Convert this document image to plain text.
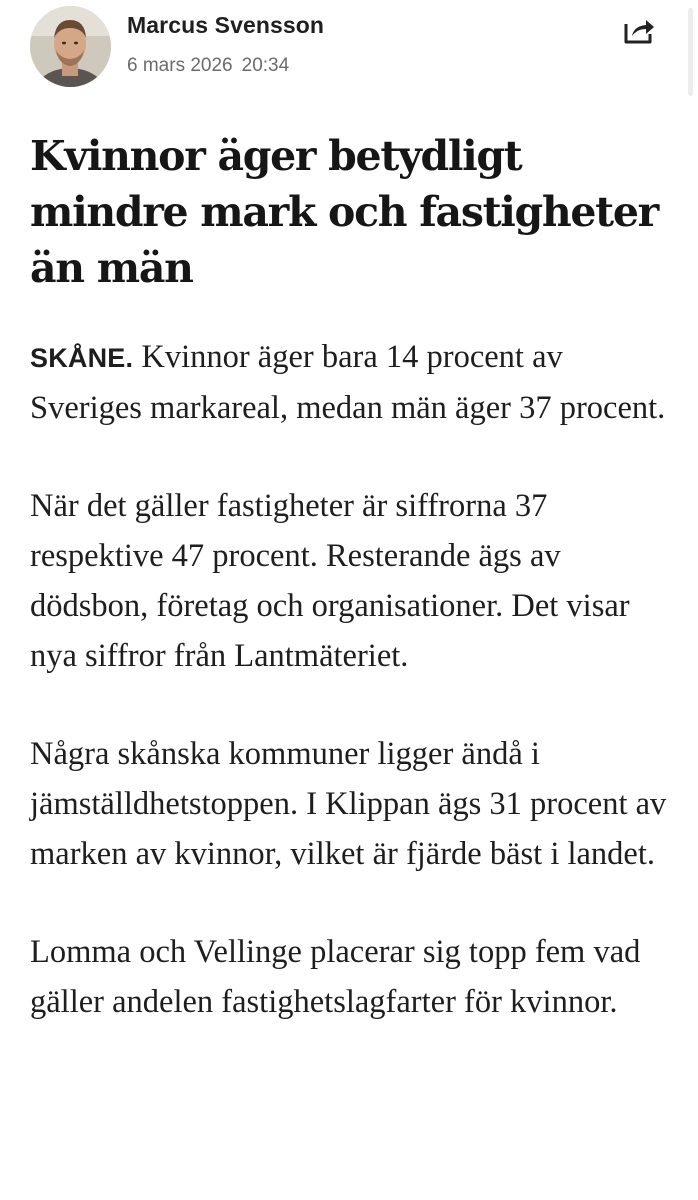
Marcus Svensson
6 mars 2026 20:34
Kvinnor äger betydligt mindre mark och fastigheter än män

SKÅNE. Kvinnor äger bara 14 procent av Sveriges markareal, medan män äger 37 procent.

När det gäller fastigheter är siffrorna 37 respektive 47 procent. Resterande ägs av dödsbon, företag och organisationer. Det visar nya siffror från Lantmäteriet.

Några skånska kommuner ligger ändå i jämställdhetstoppen. I Klippan ägs 31 procent av marken av kvinnor, vilket är fjärde bäst i landet.

Lomma och Vellinge placerar sig topp fem vad gäller andelen fastighetslagfarter för kvinnor.
